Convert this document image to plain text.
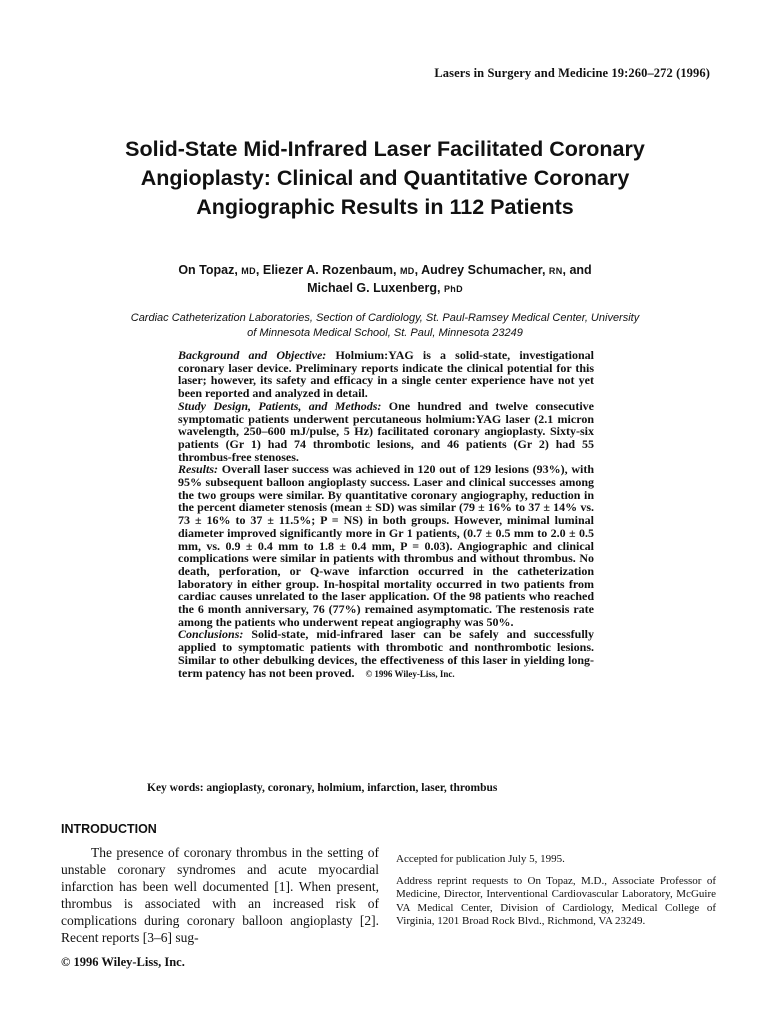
Lasers in Surgery and Medicine 19:260–272 (1996)
Solid-State Mid-Infrared Laser Facilitated Coronary Angioplasty: Clinical and Quantitative Coronary Angiographic Results in 112 Patients
On Topaz, MD, Eliezer A. Rozenbaum, MD, Audrey Schumacher, RN, and
Michael G. Luxenberg, PhD
Cardiac Catheterization Laboratories, Section of Cardiology, St. Paul-Ramsey Medical Center, University of Minnesota Medical School, St. Paul, Minnesota 23249

Background and Objective: Holmium:YAG is a solid-state, investigational coronary laser device. Preliminary reports indicate the clinical potential for this laser; however, its safety and efficacy in a single center experience have not yet been reported and analyzed in detail.

Study Design, Patients, and Methods: One hundred and twelve consecutive symptomatic patients underwent percutaneous holmium:YAG laser (2.1 micron wavelength, 250–600 mJ/pulse, 5 Hz) facilitated coronary angioplasty. Sixty-six patients (Gr 1) had 74 thrombotic lesions, and 46 patients (Gr 2) had 55 thrombus-free stenoses.

Results: Overall laser success was achieved in 120 out of 129 lesions (93%), with 95% subsequent balloon angioplasty success. Laser and clinical successes among the two groups were similar. By quantitative coronary angiography, reduction in the percent diameter stenosis (mean ± SD) was similar (79 ± 16% to 37 ± 14% vs. 73 ± 16% to 37 ± 11.5%; P = NS) in both groups. However, minimal luminal diameter improved significantly more in Gr 1 patients, (0.7 ± 0.5 mm to 2.0 ± 0.5 mm, vs. 0.9 ± 0.4 mm to 1.8 ± 0.4 mm, P = 0.03). Angiographic and clinical complications were similar in patients with thrombus and without thrombus. No death, perforation, or Q-wave infarction occurred in the catheterization laboratory in either group. In-hospital mortality occurred in two patients from cardiac causes unrelated to the laser application. Of the 98 patients who reached the 6 month anniversary, 76 (77%) remained asymptomatic. The restenosis rate among the patients who underwent repeat angiography was 50%.

Conclusions: Solid-state, mid-infrared laser can be safely and successfully applied to symptomatic patients with thrombotic and nonthrombotic lesions. Similar to other debulking devices, the effectiveness of this laser in yielding long-term patency has not been proved. © 1996 Wiley-Liss, Inc.

Key words: angioplasty, coronary, holmium, infarction, laser, thrombus
INTRODUCTION

The presence of coronary thrombus in the setting of unstable coronary syndromes and acute myocardial infarction has been well documented [1]. When present, thrombus is associated with an increased risk of complications during coronary balloon angioplasty [2]. Recent reports [3–6] sug-

Accepted for publication July 5, 1995.

Address reprint requests to On Topaz, M.D., Associate Professor of Medicine, Director, Interventional Cardiovascular Laboratory, McGuire VA Medical Center, Division of Cardiology, Medical College of Virginia, 1201 Broad Rock Blvd., Richmond, VA 23249.

© 1996 Wiley-Liss, Inc.
